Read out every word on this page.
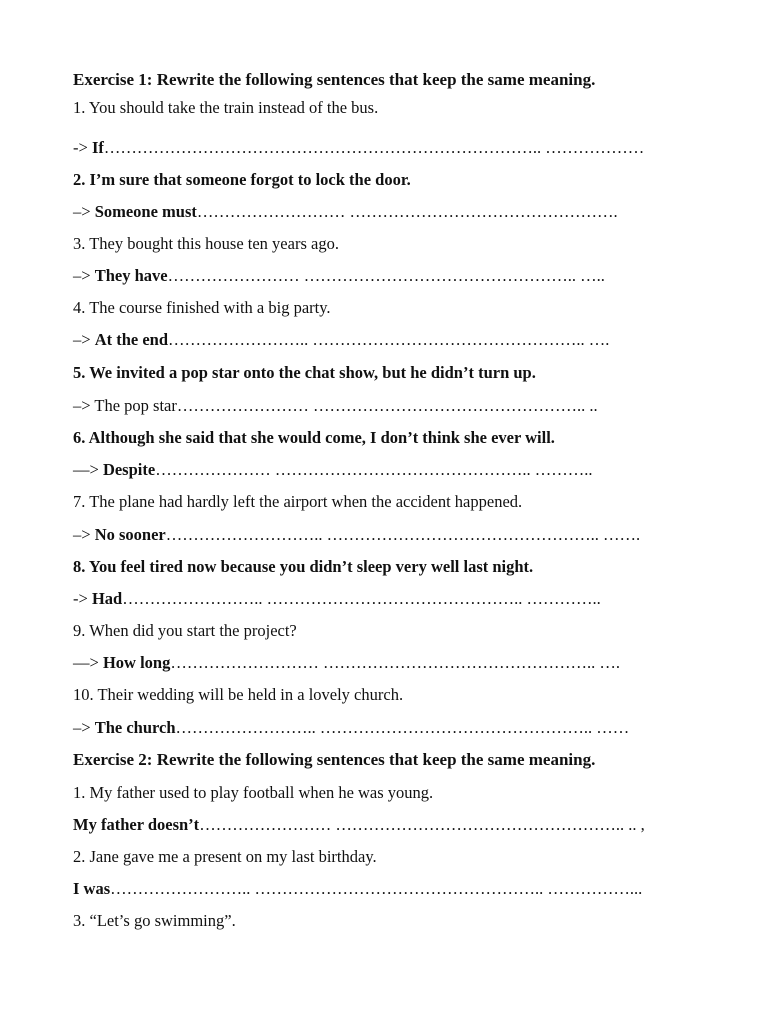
Exercise 1: Rewrite the following sentences that keep the same meaning.
1. You should take the train instead of the bus.
-> If…………………………………………………………………….. ………………
2. I’m sure that someone forgot to lock the door.
–> Someone must……………………… ………………………………………….
3. They bought this house ten years ago.
–> They have…………………… ………………………………………….. …..
4. The course finished with a big party.
–> At the end…………………….. ………………………………………….. ….
5. We invited a pop star onto the chat show, but he didn’t turn up.
–> The pop star…………………… ………………………………………….. ..
6. Although she said that she would come, I don’t think she ever will.
—> Despite………………… ……………………………………….. ………..
7. The plane had hardly left the airport when the accident happened.
–> No sooner……………………….. ………………………………………….. …….
8. You feel tired now because you didn’t sleep very well last night.
-> Had…………………….. ……………………………………….. …………..
9. When did you start the project?
—> How long……………………… ………………………………………….. ….
10. Their wedding will be held in a lovely church.
–> The church…………………….. ………………………………………….. ……
Exercise 2: Rewrite the following sentences that keep the same meaning.
1. My father used to play football when he was young.
My father doesn’t…………………… …………………………………………….. .. ,
2. Jane gave me a present on my last birthday.
I was…………………….. …………………………………………….. ……………...
3. “Let’s go swimming”.
